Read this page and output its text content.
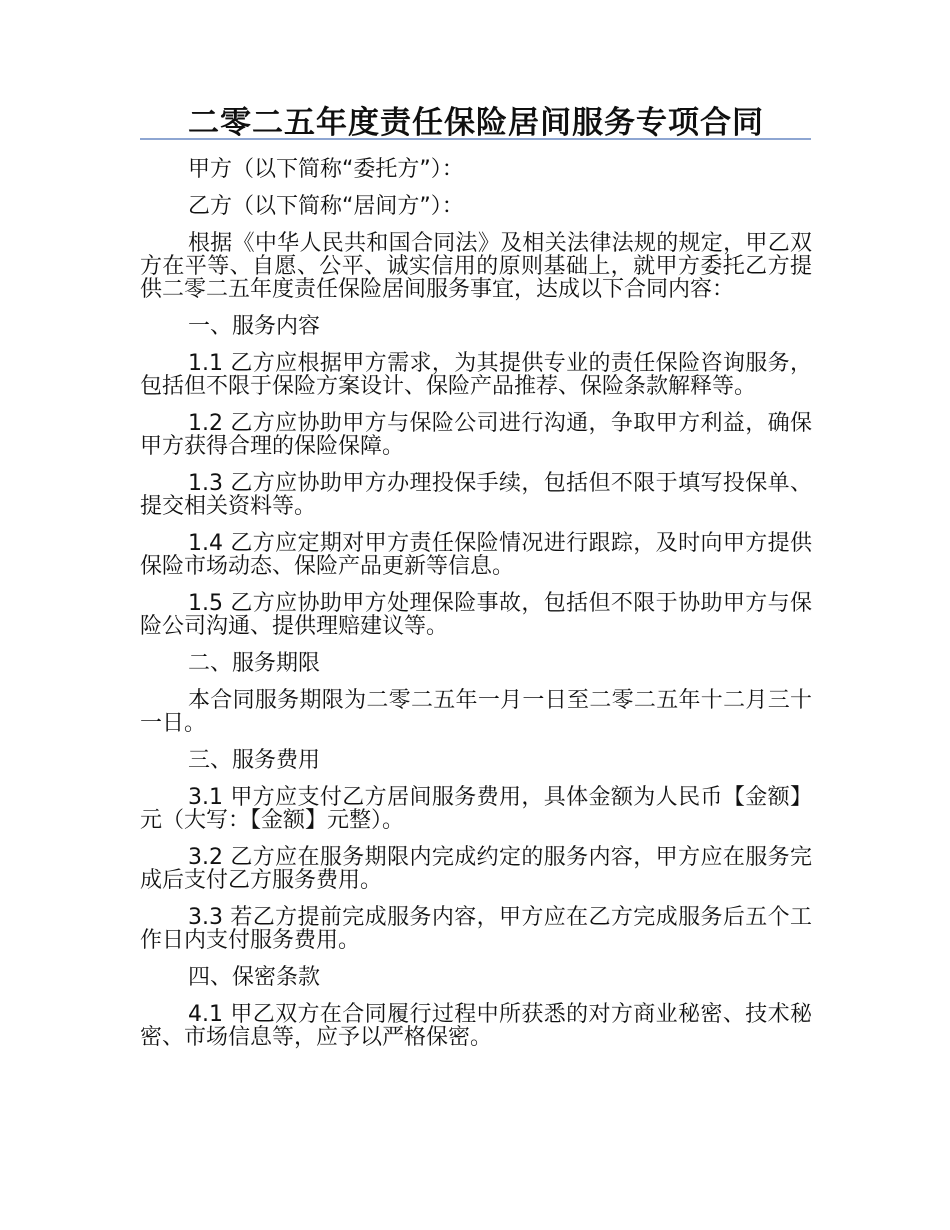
二零二五年度责任保险居间服务专项合同

甲方（以下简称“委托方”）：

乙方（以下简称“居间方”）：

根据《中华人民共和国合同法》及相关法律法规的规定，甲乙双方在平等、自愿、公平、诚实信用的原则基础上，就甲方委托乙方提供二零二五年度责任保险居间服务事宜，达成以下合同内容：

一、服务内容

1.1 乙方应根据甲方需求，为其提供专业的责任保险咨询服务，包括但不限于保险方案设计、保险产品推荐、保险条款解释等。

1.2 乙方应协助甲方与保险公司进行沟通，争取甲方利益，确保甲方获得合理的保险保障。

1.3 乙方应协助甲方办理投保手续，包括但不限于填写投保单、提交相关资料等。

1.4 乙方应定期对甲方责任保险情况进行跟踪，及时向甲方提供保险市场动态、保险产品更新等信息。

1.5 乙方应协助甲方处理保险事故，包括但不限于协助甲方与保险公司沟通、提供理赔建议等。

二、服务期限

本合同服务期限为二零二五年一月一日至二零二五年十二月三十一日。

三、服务费用

3.1 甲方应支付乙方居间服务费用，具体金额为人民币【金额】元（大写：【金额】元整）。

3.2 乙方应在服务期限内完成约定的服务内容，甲方应在服务完成后支付乙方服务费用。

3.3 若乙方提前完成服务内容，甲方应在乙方完成服务后五个工作日内支付服务费用。

四、保密条款

4.1 甲乙双方在合同履行过程中所获悉的对方商业秘密、技术秘密、市场信息等，应予以严格保密。
